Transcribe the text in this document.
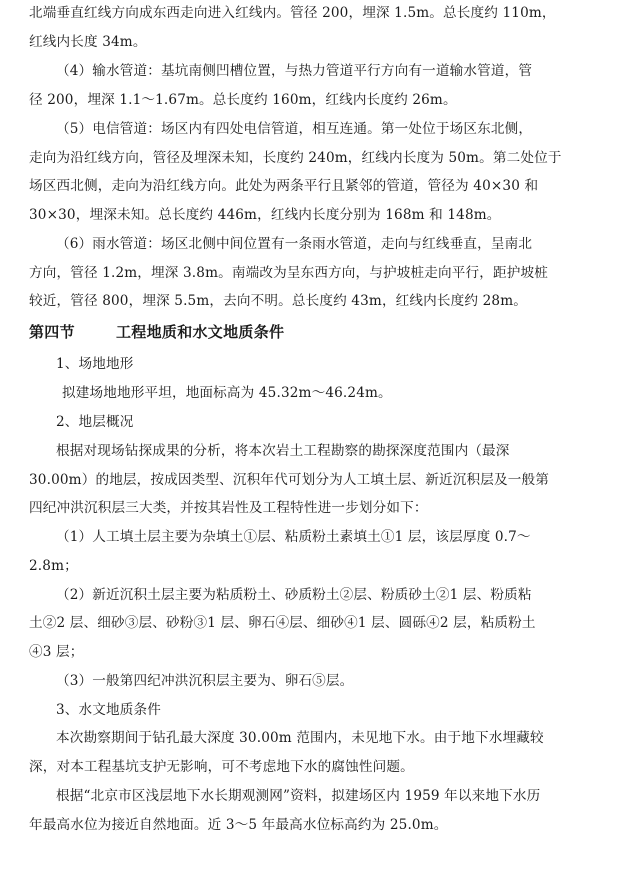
北端垂直红线方向成东西走向进入红线内。管径 200，埋深 1.5m。总长度约 110m，
红线内长度 34m。
（4）输水管道：基坑南侧凹槽位置，与热力管道平行方向有一道输水管道，管
径 200，埋深 1.1～1.67m。总长度约 160m，红线内长度约 26m。
（5）电信管道：场区内有四处电信管道，相互连通。第一处位于场区东北侧，
走向为沿红线方向，管径及埋深未知，长度约 240m，红线内长度为 50m。第二处位于
场区西北侧，走向为沿红线方向。此处为两条平行且紧邻的管道，管径为 40×30 和
30×30，埋深未知。总长度约 446m，红线内长度分别为 168m 和 148m。
（6）雨水管道：场区北侧中间位置有一条雨水管道，走向与红线垂直，呈南北
方向，管径 1.2m，埋深 3.8m。南端改为呈东西方向，与护坡桩走向平行，距护坡桩
较近，管径 800，埋深 5.5m，去向不明。总长度约 43m，红线内长度约 28m。
第四节	工程地质和水文地质条件
1、场地地形
拟建场地地形平坦，地面标高为 45.32m～46.24m。
2、地层概况
根据对现场钻探成果的分析，将本次岩土工程勘察的勘探深度范围内（最深
30.00m）的地层，按成因类型、沉积年代可划分为人工填土层、新近沉积层及一般第
四纪冲洪沉积层三大类，并按其岩性及工程特性进一步划分如下：
（1）人工填土层主要为杂填土①层、粘质粉土素填土①1 层，该层厚度 0.7～
2.8m；
（2）新近沉积土层主要为粘质粉土、砂质粉土②层、粉质砂土②1 层、粉质粘
土②2 层、细砂③层、砂粉③1 层、卵石④层、细砂④1 层、圆砾④2 层，粘质粉土
④3 层；
（3）一般第四纪冲洪沉积层主要为、卵石⑤层。
3、水文地质条件
本次勘察期间于钻孔最大深度 30.00m 范围内，未见地下水。由于地下水埋藏较
深，对本工程基坑支护无影响，可不考虑地下水的腐蚀性问题。
根据“北京市区浅层地下水长期观测网”资料，拟建场区内 1959 年以来地下水历
年最高水位为接近自然地面。近 3～5 年最高水位标高约为 25.0m。
